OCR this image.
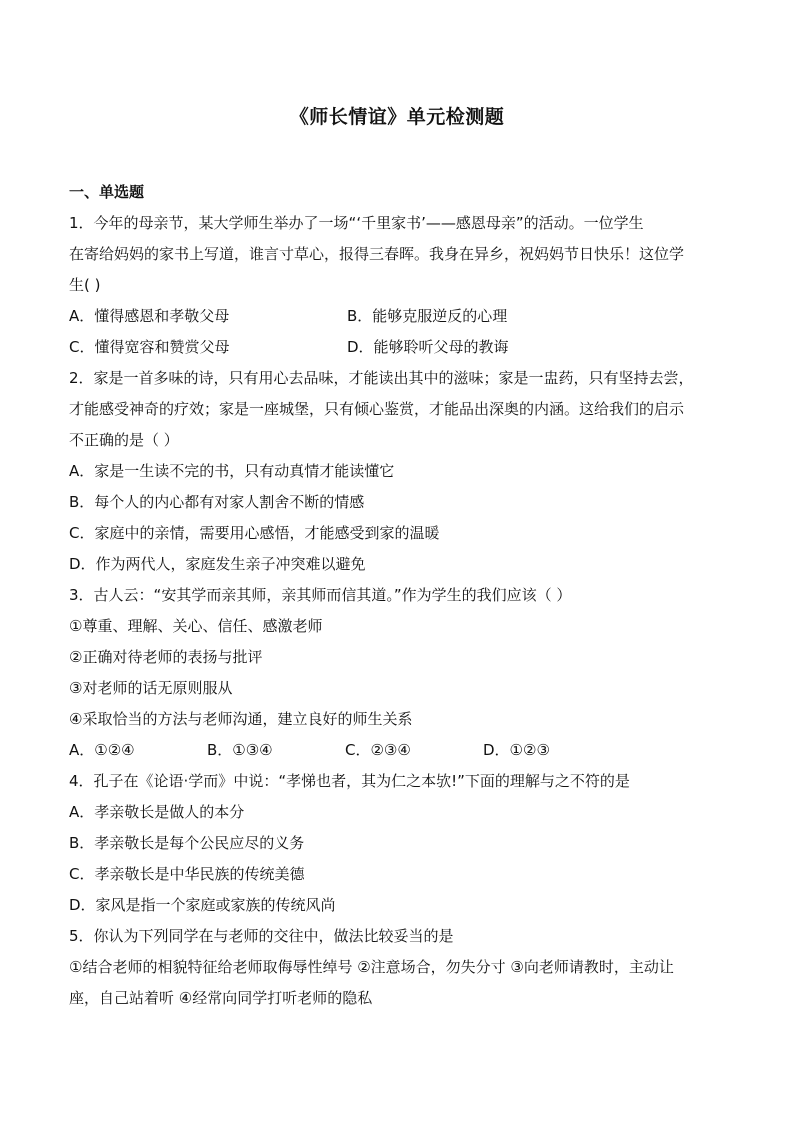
《师长情谊》单元检测题
一、单选题
1．今年的母亲节，某大学师生举办了一场“‘千里家书’——感恩母亲”的活动。一位学生
在寄给妈妈的家书上写道，谁言寸草心，报得三春晖。我身在异乡，祝妈妈节日快乐！这位学
生( )
A．懂得感恩和孝敬父母	B．能够克服逆反的心理
C．懂得宽容和赞赏父母	D．能够聆听父母的教诲
2．家是一首多味的诗，只有用心去品味，才能读出其中的滋味；家是一盅药，只有坚持去尝，
才能感受神奇的疗效；家是一座城堡，只有倾心鉴赏，才能品出深奥的内涵。这给我们的启示
不正确的是（ ）
A．家是一生读不完的书，只有动真情才能读懂它
B．每个人的内心都有对家人割舍不断的情感
C．家庭中的亲情，需要用心感悟，才能感受到家的温暖
D．作为两代人，家庭发生亲子冲突难以避免
3．古人云：“安其学而亲其师，亲其师而信其道。”作为学生的我们应该（ ）
①尊重、理解、关心、信任、感激老师
②正确对待老师的表扬与批评
③对老师的话无原则服从
④采取恰当的方法与老师沟通，建立良好的师生关系
A．①②④	B．①③④	C．②③④	D．①②③
4．孔子在《论语·学而》中说：“孝悌也者，其为仁之本欤!”下面的理解与之不符的是
A．孝亲敬长是做人的本分
B．孝亲敬长是每个公民应尽的义务
C．孝亲敬长是中华民族的传统美德
D．家风是指一个家庭或家族的传统风尚
5．你认为下列同学在与老师的交往中，做法比较妥当的是
①结合老师的相貌特征给老师取侮辱性绰号 ②注意场合，勿失分寸 ③向老师请教时，主动让
座，自己站着听 ④经常向同学打听老师的隐私
